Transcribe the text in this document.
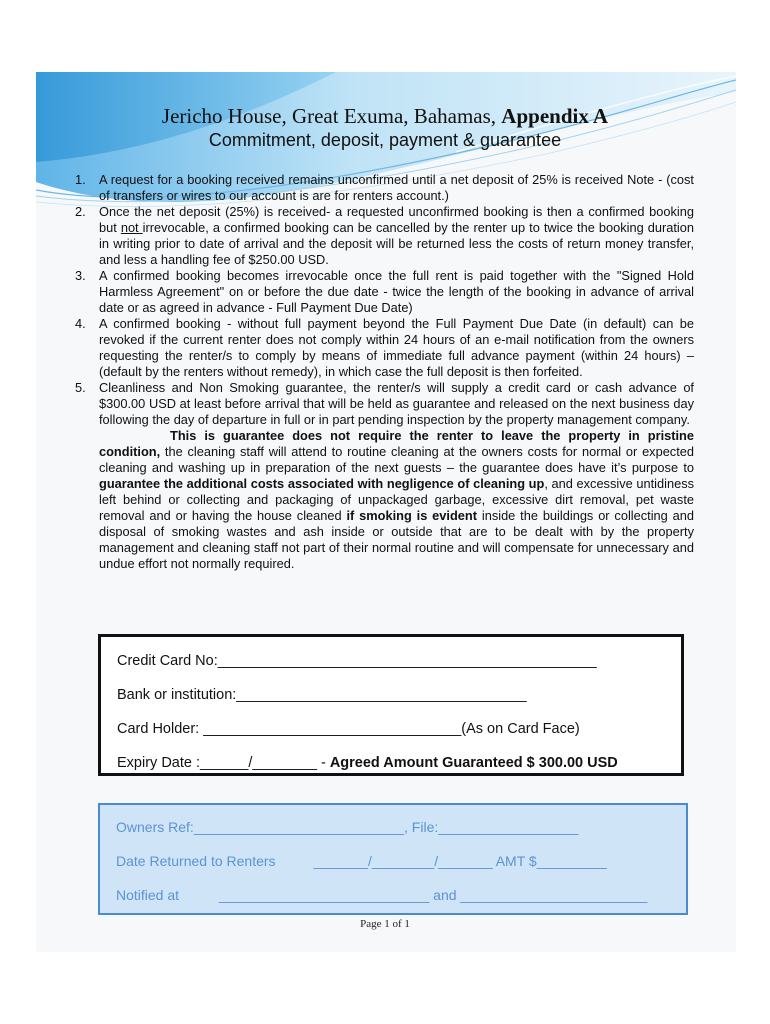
Jericho House, Great Exuma, Bahamas, Appendix A
Commitment, deposit, payment & guarantee
1. A request for a booking received remains unconfirmed until a net deposit of 25% is received Note - (cost of transfers or wires to our account is are for renters account.)

2. Once the net deposit (25%) is received- a requested unconfirmed booking is then a confirmed booking but not irrevocable, a confirmed booking can be cancelled by the renter up to twice the booking duration in writing prior to date of arrival and the deposit will be returned less the costs of return money transfer, and less a handling fee of $250.00 USD.

3. A confirmed booking becomes irrevocable once the full rent is paid together with the "Signed Hold Harmless Agreement" on or before the due date - twice the length of the booking in advance of arrival date or as agreed in advance - Full Payment Due Date)

4. A confirmed booking - without full payment beyond the Full Payment Due Date (in default) can be revoked if the current renter does not comply within 24 hours of an e-mail notification from the owners requesting the renter/s to comply by means of immediate full advance payment (within 24 hours) – (default by the renters without remedy), in which case the full deposit is then forfeited.

5. Cleanliness and Non Smoking guarantee, the renter/s will supply a credit card or cash advance of $300.00 USD at least before arrival that will be held as guarantee and released on the next business day following the day of departure in full or in part pending inspection by the property management company.

This is guarantee does not require the renter to leave the property in pristine condition, the cleaning staff will attend to routine cleaning at the owners costs for normal or expected cleaning and washing up in preparation of the next guests – the guarantee does have it’s purpose to guarantee the additional costs associated with negligence of cleaning up, and excessive untidiness left behind or collecting and packaging of unpackaged garbage, excessive dirt removal, pet waste removal and or having the house cleaned if smoking is evident inside the buildings or collecting and disposal of smoking wastes and ash inside or outside that are to be dealt with by the property management and cleaning staff not part of their normal routine and will compensate for unnecessary and undue effort not normally required.

Credit Card No:_______________________________________________
Bank or institution:____________________________________
Card Holder: ________________________________(As on Card Face)
Expiry Date :______/________ - Agreed Amount Guaranteed $ 300.00 USD
Owners Ref:___________________________, File:__________________
Date Returned to Renters	_______/________/_______ AMT $_________
Notified at	___________________________ and ________________________
Page 1 of 1
